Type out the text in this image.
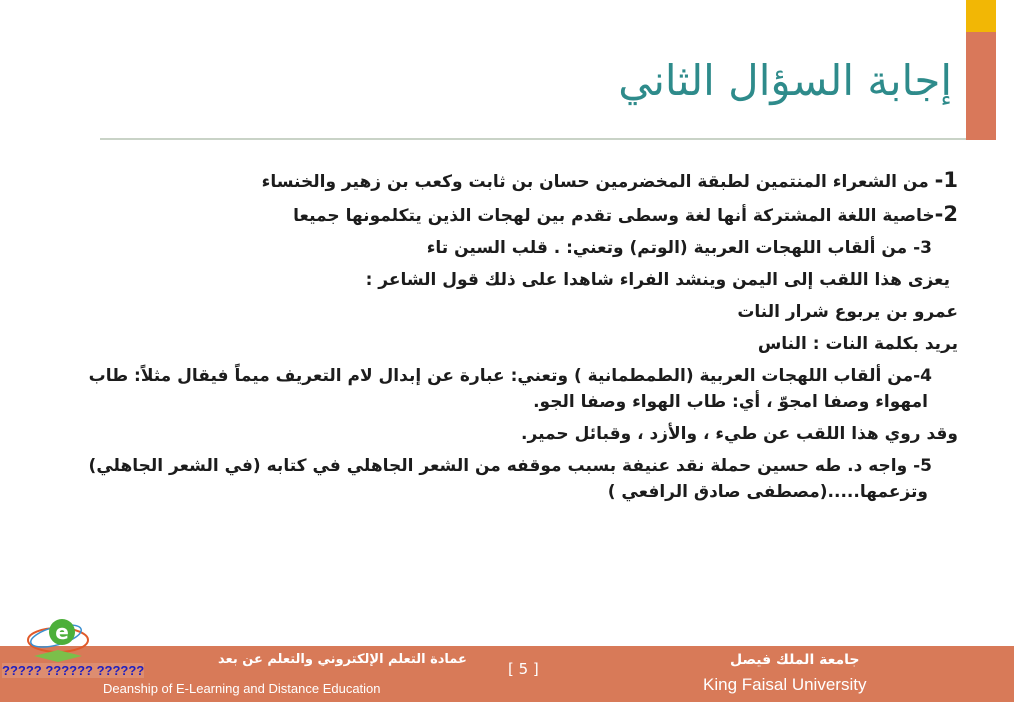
إجابة السؤال الثاني

1- من الشعراء المنتمين لطبقة المخضرمين حسان بن ثابت وكعب بن زهير والخنساء

2-خاصية اللغة المشتركة أنها لغة وسطى تقدم بين لهجات الذين يتكلمونها جميعا

3- من ألقاب اللهجات العربية (الوتم) وتعني: . قلب السين تاء

يعزى هذا اللقب إلى اليمن وينشد الفراء شاهدا على ذلك قول الشاعر :

عمرو بن يربوع شرار النات

يريد بكلمة النات : الناس

4-من ألقاب اللهجات العربية (الطمطمانية ) وتعني: عبارة عن إبدال لام التعريف ميماً فيقال مثلاً: طاب

امهواء وصفا امجوّ ، أي: طاب الهواء وصفا الجو.

وقد روي هذا اللقب عن طيء ، والأزد ، وقبائل حمير.

5- واجه د. طه حسين حملة نقد عنيفة بسبب موقفه من الشعر الجاهلي في كتابه (في الشعر الجاهلي)

وتزعمها.....(مصطفى صادق الرافعي )

جامعة الملك فيصل
King Faisal University
[ 5 ]
عمادة التعلم الإلكتروني والتعلم عن بعد
Deanship of E-Learning and Distance Education
e
????? ?????? ??????
